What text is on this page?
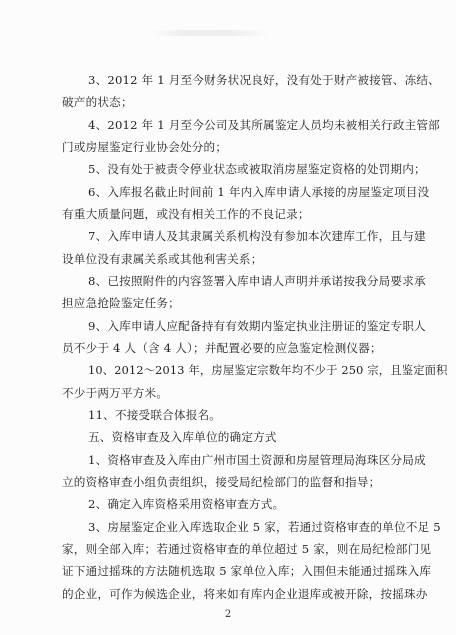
3、2012 年 1 月至今财务状况良好，没有处于财产被接管、冻结、
破产的状态；
4、2012 年 1 月至今公司及其所属鉴定人员均未被相关行政主管部
门或房屋鉴定行业协会处分的；
5、没有处于被责令停业状态或被取消房屋鉴定资格的处罚期内；
6、入库报名截止时间前 1 年内入库申请人承接的房屋鉴定项目没
有重大质量问题，或没有相关工作的不良记录；
7、入库申请人及其隶属关系机构没有参加本次建库工作，且与建
设单位没有隶属关系或其他利害关系；
8、已按照附件的内容签署入库申请人声明并承诺按我分局要求承
担应急抢险鉴定任务；
9、入库申请人应配备持有有效期内鉴定执业注册证的鉴定专职人
员不少于 4 人（含 4 人）；并配置必要的应急鉴定检测仪器；
10、2012～2013 年，房屋鉴定宗数年均不少于 250 宗，且鉴定面积
不少于两万平方米。
11、不接受联合体报名。
五、资格审查及入库单位的确定方式
1、资格审查及入库由广州市国土资源和房屋管理局海珠区分局成
立的资格审查小组负责组织，接受局纪检部门的监督和指导；
2、确定入库资格采用资格审查方式。
3、房屋鉴定企业入库选取企业 5 家，若通过资格审查的单位不足 5
家，则全部入库；若通过资格审查的单位超过 5 家，则在局纪检部门见
证下通过摇珠的方法随机选取 5 家单位入库；入围但未能通过摇珠入库
的企业，可作为候选企业，将来如有库内企业退库或被开除，按摇珠办
2
